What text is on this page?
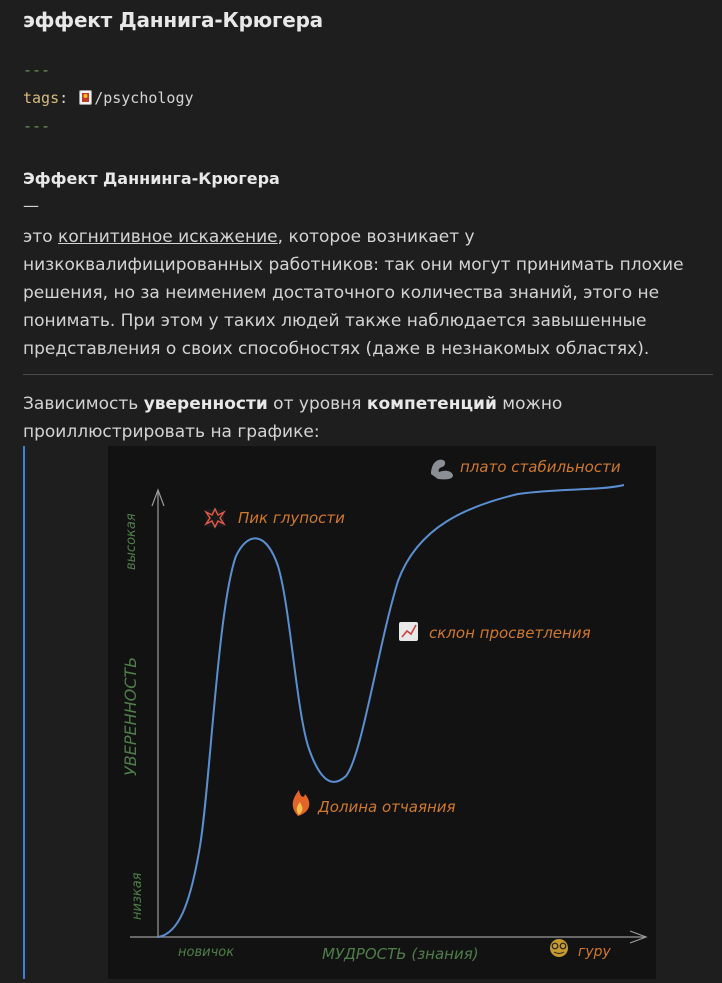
эффект Даннига-Крюгера
---
tags: /psychology
---
Эффект Даннинга-Крюгера
—
это когнитивное искажение, которое возникает у низкоквалифицированных работников: так они могут принимать плохие решения, но за неимением достаточного количества знаний, этого не понимать. При этом у таких людей также наблюдается завышенные представления о своих способностях (даже в незнакомых областях).
Зависимость уверенности от уровня компетенций можно проиллюстрировать на графике:
высокая
УВЕРЕННОСТЬ
низкая
новичок	МУДРОСТЬ (знания)	гуру
Пик глупости
склон просветления
Долина отчаяния
плато стабильности
